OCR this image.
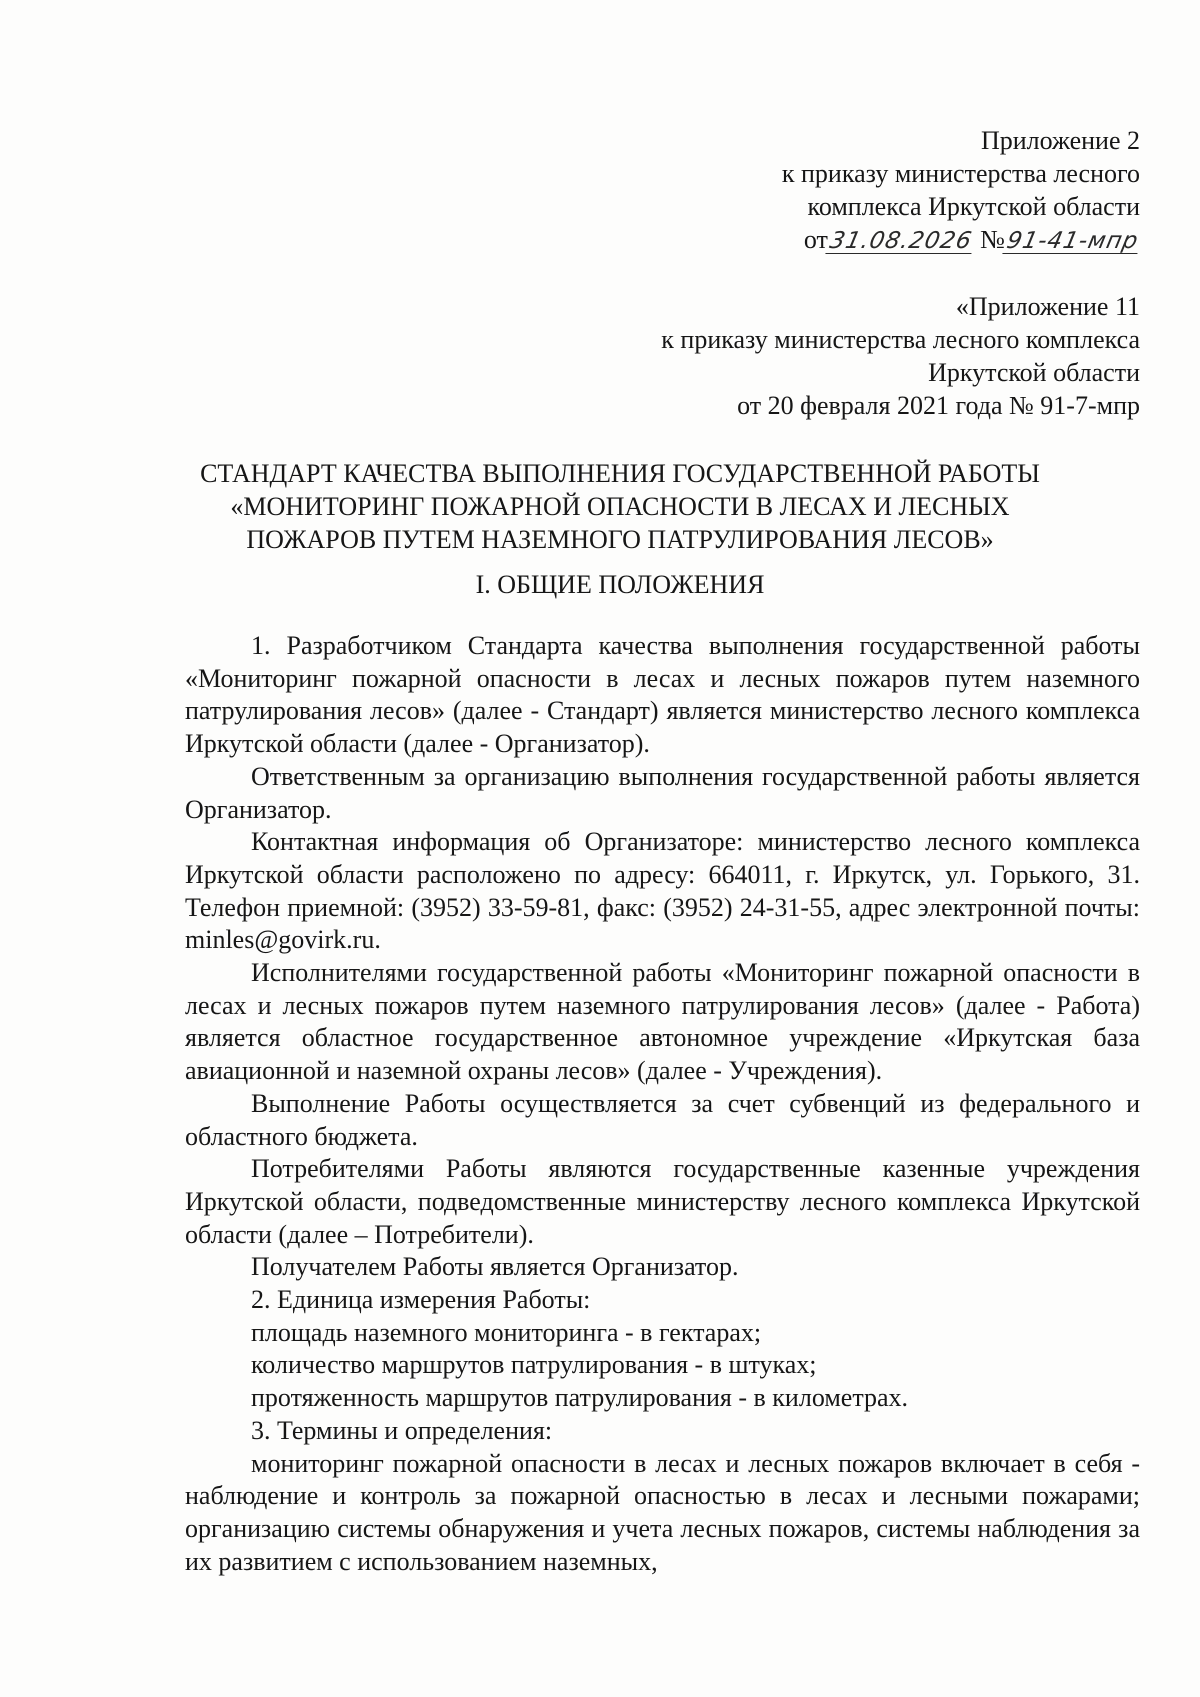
Приложение 2
к приказу министерства лесного
комплекса Иркутской области
от31.08.2026 №91-41-мпр
«Приложение 11
к приказу министерства лесного комплекса
Иркутской области
от 20 февраля 2021 года № 91-7-мпр
СТАНДАРТ КАЧЕСТВА ВЫПОЛНЕНИЯ ГОСУДАРСТВЕННОЙ РАБОТЫ
«МОНИТОРИНГ ПОЖАРНОЙ ОПАСНОСТИ В ЛЕСАХ И ЛЕСНЫХ
ПОЖАРОВ ПУТЕМ НАЗЕМНОГО ПАТРУЛИРОВАНИЯ ЛЕСОВ»
I. ОБЩИЕ ПОЛОЖЕНИЯ

1. Разработчиком Стандарта качества выполнения государственной работы «Мониторинг пожарной опасности в лесах и лесных пожаров путем наземного патрулирования лесов» (далее - Стандарт) является министерство лесного комплекса Иркутской области (далее - Организатор).

Ответственным за организацию выполнения государственной работы является Организатор.

Контактная информация об Организаторе: министерство лесного комплекса Иркутской области расположено по адресу: 664011, г. Иркутск, ул. Горького, 31. Телефон приемной: (3952) 33-59-81, факс: (3952) 24-31-55, адрес электронной почты: minles@govirk.ru.

Исполнителями государственной работы «Мониторинг пожарной опасности в лесах и лесных пожаров путем наземного патрулирования лесов» (далее - Работа) является областное государственное автономное учреждение «Иркутская база авиационной и наземной охраны лесов» (далее - Учреждения).

Выполнение Работы осуществляется за счет субвенций из федерального и областного бюджета.

Потребителями Работы являются государственные казенные учреждения Иркутской области, подведомственные министерству лесного комплекса Иркутской области (далее – Потребители).

Получателем Работы является Организатор.

2. Единица измерения Работы:

площадь наземного мониторинга - в гектарах;

количество маршрутов патрулирования - в штуках;

протяженность маршрутов патрулирования - в километрах.

3. Термины и определения:

мониторинг пожарной опасности в лесах и лесных пожаров включает в себя - наблюдение и контроль за пожарной опасностью в лесах и лесными пожарами; организацию системы обнаружения и учета лесных пожаров, системы наблюдения за их развитием с использованием наземных,
